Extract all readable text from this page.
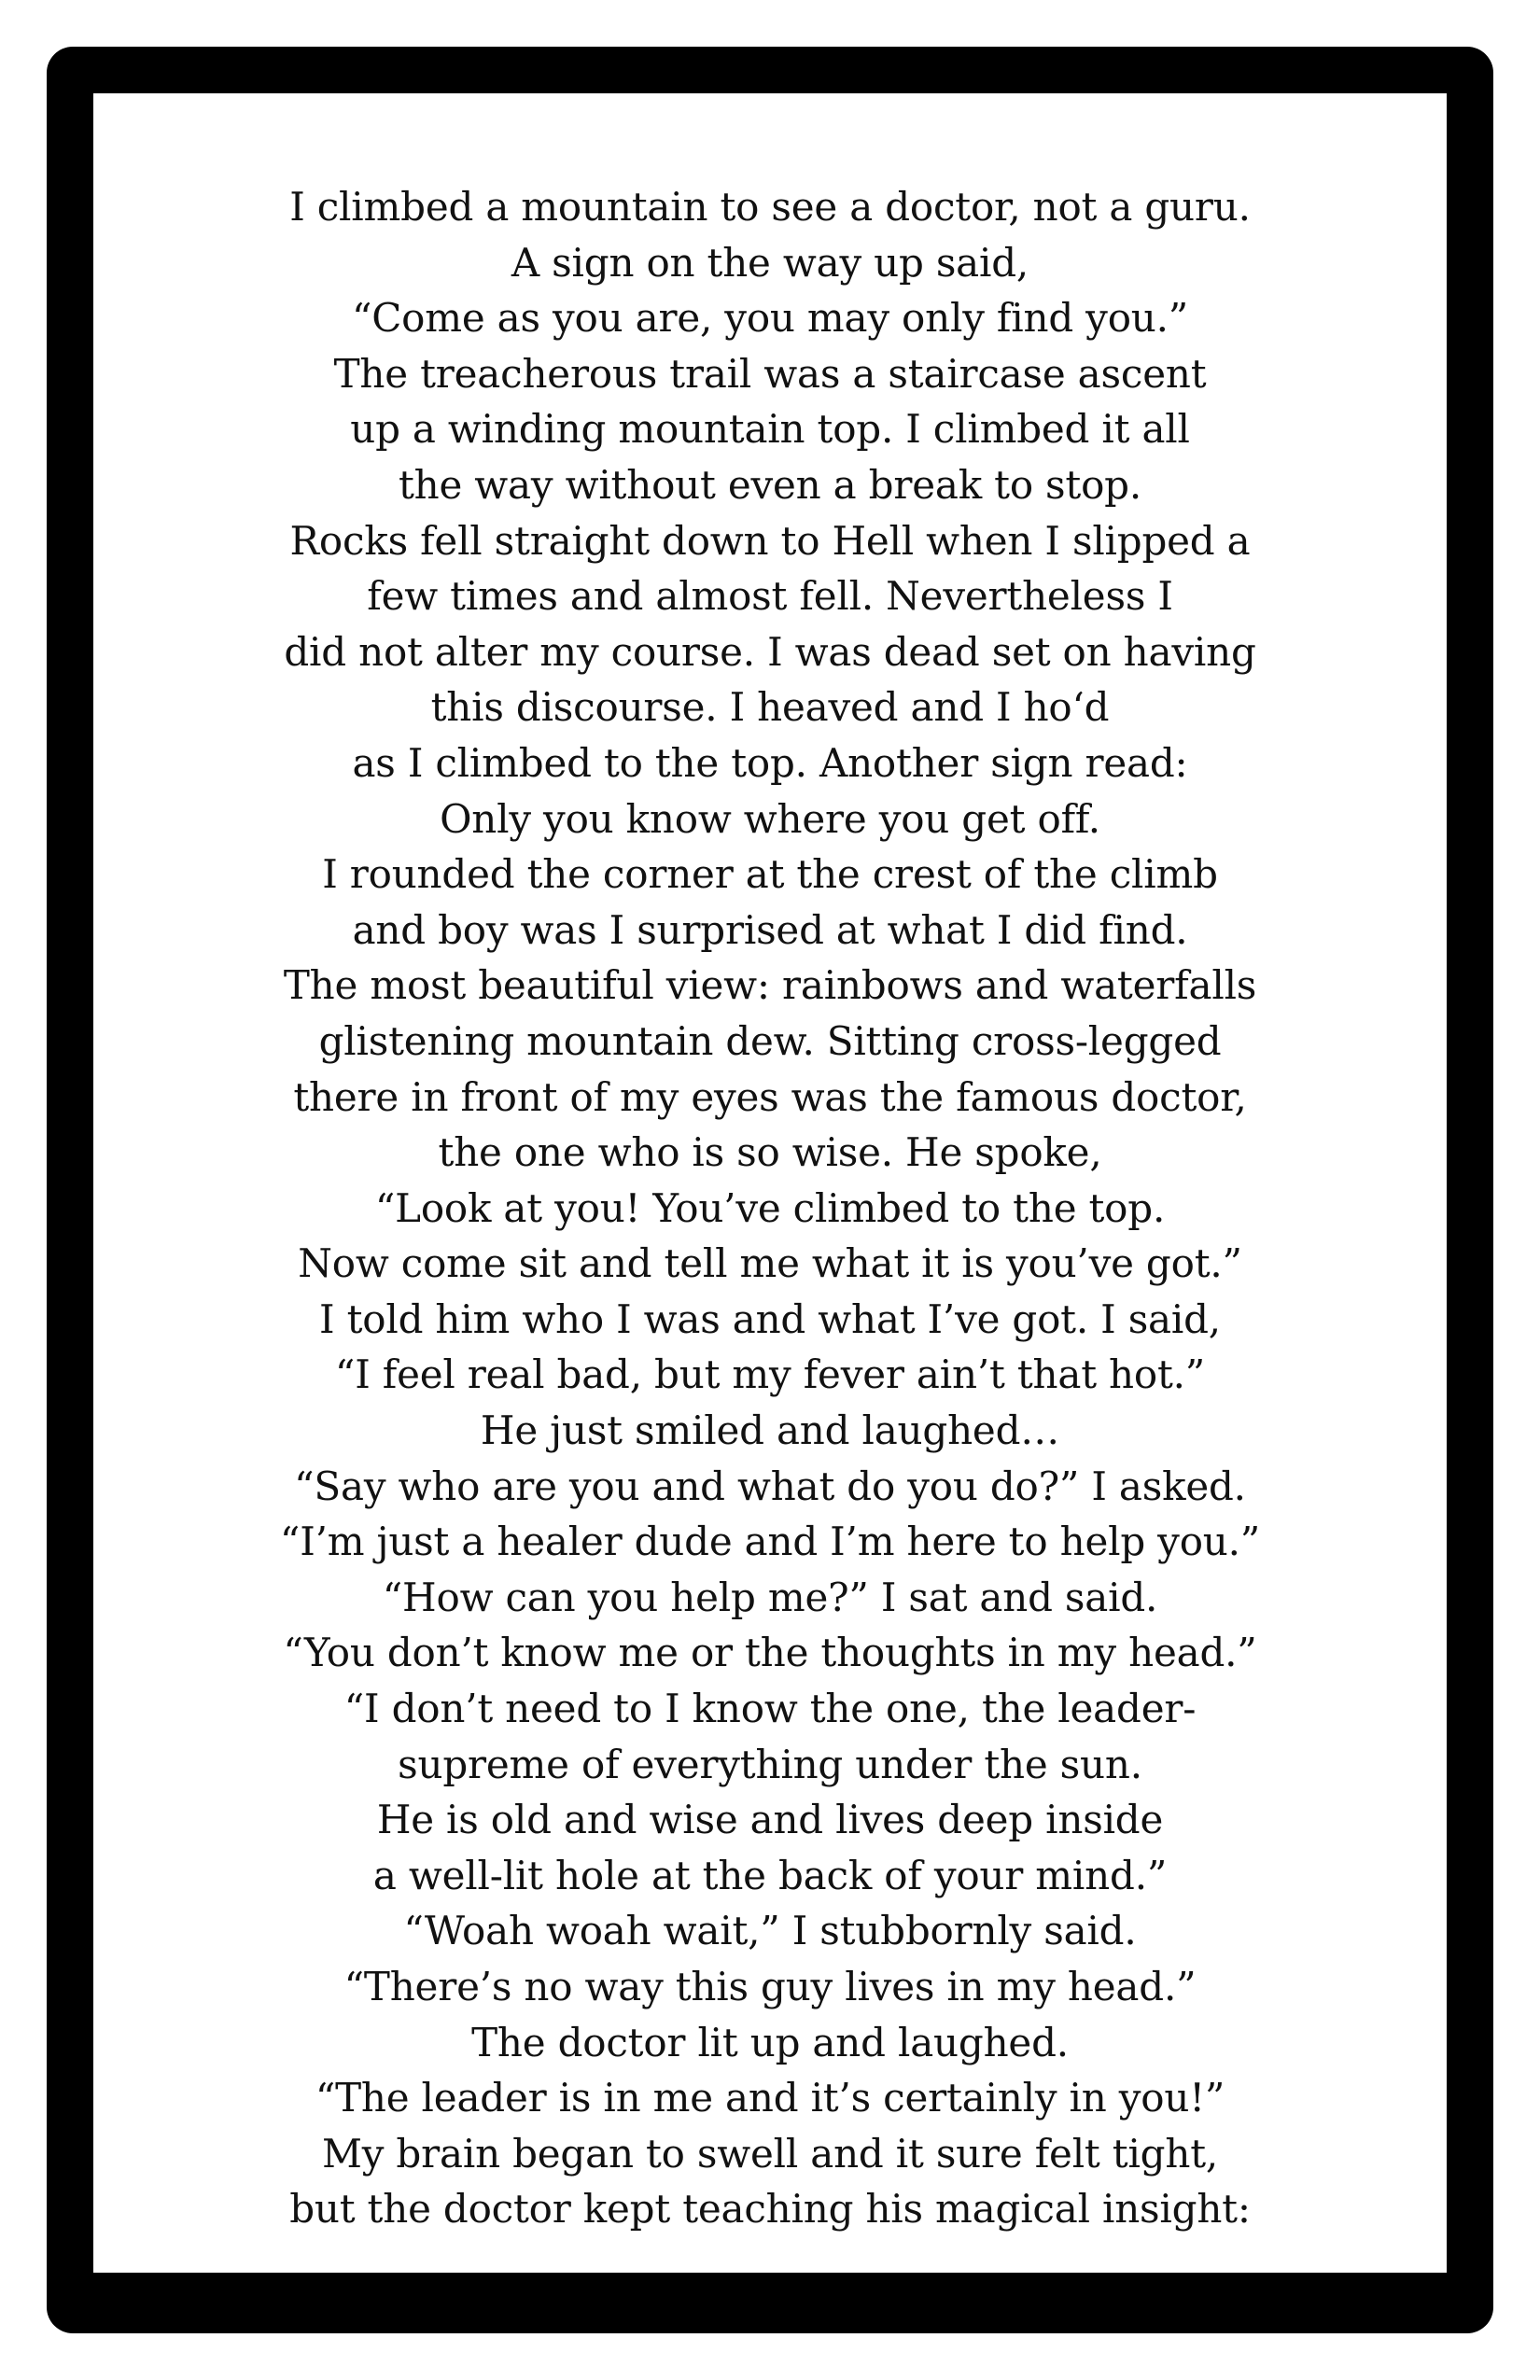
I climbed a mountain to see a doctor, not a guru.
A sign on the way up said,
“Come as you are, you may only find you.”
The treacherous trail was a staircase ascent
up a winding mountain top. I climbed it all
the way without even a break to stop.
Rocks fell straight down to Hell when I slipped a
few times and almost fell. Nevertheless I
did not alter my course. I was dead set on having
this discourse. I heaved and I ho‘d
as I climbed to the top. Another sign read:
Only you know where you get off.
I rounded the corner at the crest of the climb
and boy was I surprised at what I did find.
The most beautiful view: rainbows and waterfalls
glistening mountain dew. Sitting cross-legged
there in front of my eyes was the famous doctor,
the one who is so wise. He spoke,
“Look at you! You’ve climbed to the top.
Now come sit and tell me what it is you’ve got.”
I told him who I was and what I’ve got. I said,
“I feel real bad, but my fever ain’t that hot.”
He just smiled and laughed…
“Say who are you and what do you do?” I asked.
“I’m just a healer dude and I’m here to help you.”
“How can you help me?” I sat and said.
“You don’t know me or the thoughts in my head.”
“I don’t need to I know the one, the leader-
supreme of everything under the sun.
He is old and wise and lives deep inside
a well-lit hole at the back of your mind.”
“Woah woah wait,” I stubbornly said.
“There’s no way this guy lives in my head.”
The doctor lit up and laughed.
“The leader is in me and it’s certainly in you!”
My brain began to swell and it sure felt tight,
but the doctor kept teaching his magical insight:
